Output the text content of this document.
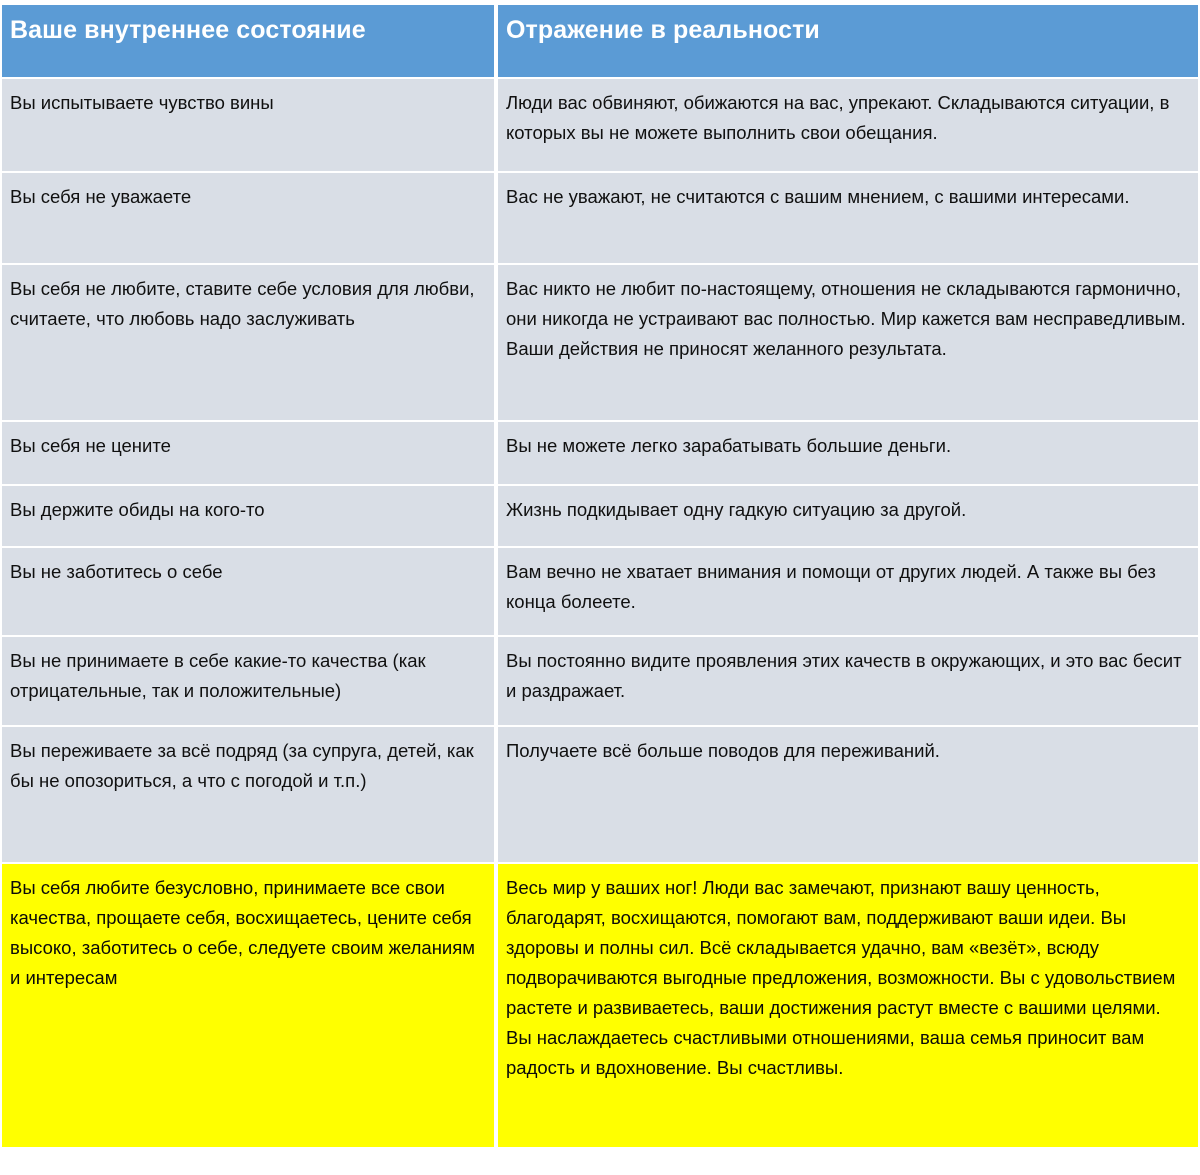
Ваше внутреннее состояние	Отражение в реальности

Вы испытываете чувство вины	Люди вас обвиняют, обижаются на вас, упрекают. Складываются ситуации, в которых вы не можете выполнить свои обещания.

Вы себя не уважаете	Вас не уважают, не считаются с вашим мнением, с вашими интересами.

Вы себя не любите, ставите себе условия для любви, считаете, что любовь надо заслуживать	Вас никто не любит по-настоящему, отношения не складываются гармонично, они никогда не устраивают вас полностью. Мир кажется вам несправедливым. Ваши действия не приносят желанного результата.

Вы себя не цените	Вы не можете легко зарабатывать большие деньги.

Вы держите обиды на кого-то	Жизнь подкидывает одну гадкую ситуацию за другой.

Вы не заботитесь о себе	Вам вечно не хватает внимания и помощи от других людей. А также вы без конца болеете.

Вы не принимаете в себе какие-то качества (как отрицательные, так и положительные)	Вы постоянно видите проявления этих качеств в окружающих, и это вас бесит и раздражает.

Вы переживаете за всё подряд (за супруга, детей, как бы не опозориться, а что с погодой и т.п.)	Получаете всё больше поводов для переживаний.

Вы себя любите безусловно, принимаете все свои качества, прощаете себя, восхищаетесь, цените себя высоко, заботитесь о себе, следуете своим желаниям и интересам	Весь мир у ваших ног! Люди вас замечают, признают вашу ценность, благодарят, восхищаются, помогают вам, поддерживают ваши идеи. Вы здоровы и полны сил. Всё складывается удачно, вам «везёт», всюду подворачиваются выгодные предложения, возможности. Вы с удовольствием растете и развиваетесь, ваши достижения растут вместе с вашими целями. Вы наслаждаетесь счастливыми отношениями, ваша семья приносит вам радость и вдохновение. Вы счастливы.
